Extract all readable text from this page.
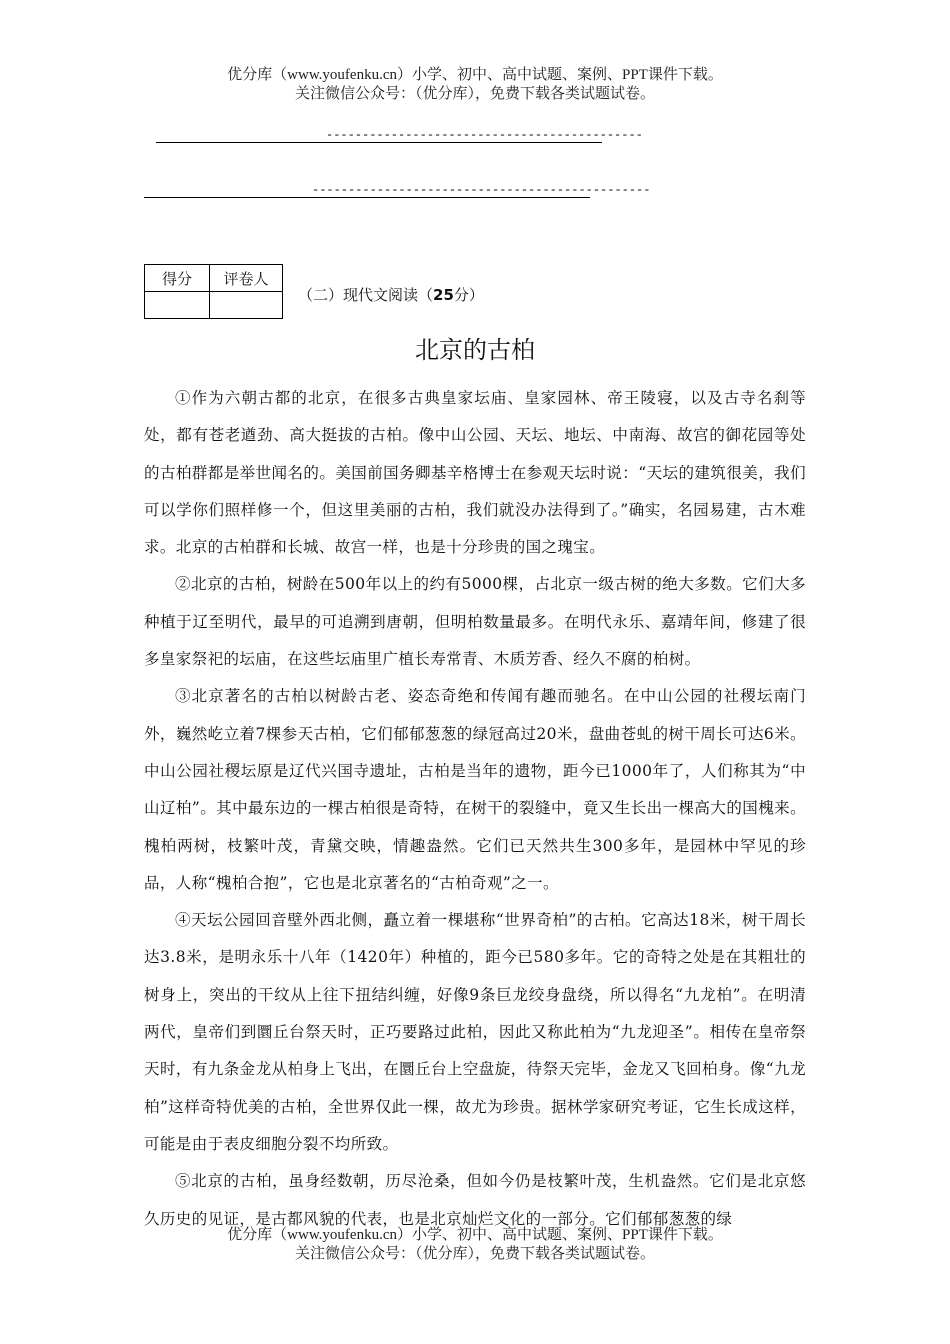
优分库（www.youfenku.cn）小学、初中、高中试题、案例、PPT课件下载。
关注微信公众号：（优分库），免费下载各类试题试卷。
--------------------------------------------
-----------------------------------------------
得分	评卷人

（二）现代文阅读（25分）
北京的古柏

①作为六朝古都的北京，在很多古典皇家坛庙、皇家园林、帝王陵寝，以及古寺名刹等处，都有苍老遒劲、高大挺拔的古柏。像中山公园、天坛、地坛、中南海、故宫的御花园等处的古柏群都是举世闻名的。美国前国务卿基辛格博士在参观天坛时说：“天坛的建筑很美，我们可以学你们照样修一个，但这里美丽的古柏，我们就没办法得到了。”确实，名园易建，古木难求。北京的古柏群和长城、故宫一样，也是十分珍贵的国之瑰宝。

②北京的古柏，树龄在500年以上的约有5000棵，占北京一级古树的绝大多数。它们大多种植于辽至明代，最早的可追溯到唐朝，但明柏数量最多。在明代永乐、嘉靖年间，修建了很多皇家祭祀的坛庙，在这些坛庙里广植长寿常青、木质芳香、经久不腐的柏树。

③北京著名的古柏以树龄古老、姿态奇绝和传闻有趣而驰名。在中山公园的社稷坛南门外，巍然屹立着7棵参天古柏，它们郁郁葱葱的绿冠高过20米，盘曲苍虬的树干周长可达6米。中山公园社稷坛原是辽代兴国寺遗址，古柏是当年的遗物，距今已1000年了，人们称其为“中山辽柏”。其中最东边的一棵古柏很是奇特，在树干的裂缝中，竟又生长出一棵高大的国槐来。槐柏两树，枝繁叶茂，青黛交映，情趣盎然。它们已天然共生300多年，是园林中罕见的珍品，人称“槐柏合抱”，它也是北京著名的“古柏奇观”之一。

④天坛公园回音壁外西北侧，矗立着一棵堪称“世界奇柏”的古柏。它高达18米，树干周长达3.8米，是明永乐十八年（1420年）种植的，距今已580多年。它的奇特之处是在其粗壮的树身上，突出的干纹从上往下扭结纠缠，好像9条巨龙绞身盘绕，所以得名“九龙柏”。在明清两代，皇帝们到圜丘台祭天时，正巧要路过此柏，因此又称此柏为“九龙迎圣”。相传在皇帝祭天时，有九条金龙从柏身上飞出，在圜丘台上空盘旋，待祭天完毕，金龙又飞回柏身。像“九龙柏”这样奇特优美的古柏，全世界仅此一棵，故尤为珍贵。据林学家研究考证，它生长成这样，可能是由于表皮细胞分裂不均所致。

⑤北京的古柏，虽身经数朝，历尽沧桑，但如今仍是枝繁叶茂，生机盎然。它们是北京悠久历史的见证，是古都风貌的代表，也是北京灿烂文化的一部分。它们郁郁葱葱的绿

优分库（www.youfenku.cn）小学、初中、高中试题、案例、PPT课件下载。
关注微信公众号：（优分库），免费下载各类试题试卷。
